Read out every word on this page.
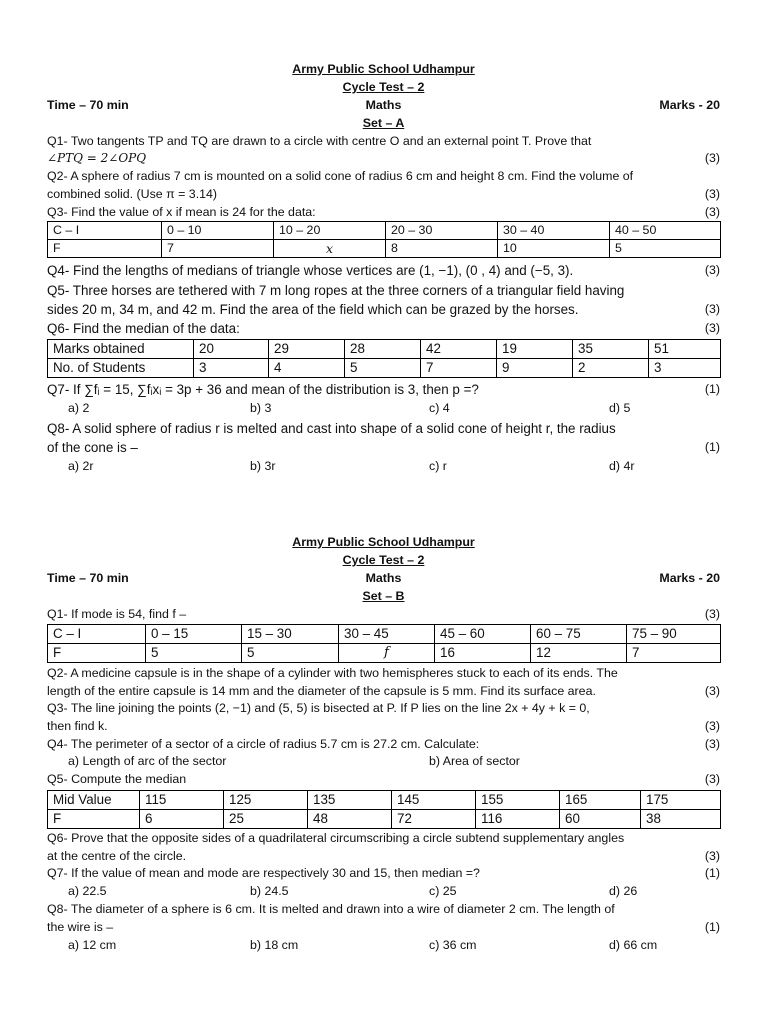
Army Public School Udhampur
Cycle Test – 2
Time – 70 min	Maths	Marks - 20
Set – A
Q1- Two tangents TP and TQ are drawn to a circle with centre O and an external point T. Prove that
∠PTQ = 2∠OPQ	(3)
Q2- A sphere of radius 7 cm is mounted on a solid cone of radius 6 cm and height 8 cm. Find the volume of
combined solid. (Use π = 3.14)	(3)
Q3- Find the value of x if mean is 24 for the data:	(3)
C – I	0 – 10	10 – 20	20 – 30	30 – 40	40 – 50
F	7	x	8	10	5
Q4- Find the lengths of medians of triangle whose vertices are (1, −1), (0 , 4) and (−5, 3).	(3)
Q5- Three horses are tethered with 7 m long ropes at the three corners of a triangular field having
sides 20 m, 34 m, and 42 m. Find the area of the field which can be grazed by the horses.	(3)
Q6- Find the median of the data:	(3)
Marks obtained	20	29	28	42	19	35	51
No. of Students	3	4	5	7	9	2	3
Q7- If ∑fᵢ = 15, ∑fᵢxᵢ = 3p + 36 and mean of the distribution is 3, then p =?	(1)
a) 2	b) 3	c) 4	d) 5
Q8- A solid sphere of radius r is melted and cast into shape of a solid cone of height r, the radius
of the cone is –	(1)
a) 2r	b) 3r	c) r	d) 4r
Army Public School Udhampur
Cycle Test – 2
Time – 70 min	Maths	Marks - 20
Set – B
Q1- If mode is 54, find f –	(3)
C – I	0 – 15	15 – 30	30 – 45	45 – 60	60 – 75	75 – 90
F	5	5	f	16	12	7
Q2- A medicine capsule is in the shape of a cylinder with two hemispheres stuck to each of its ends. The
length of the entire capsule is 14 mm and the diameter of the capsule is 5 mm. Find its surface area.	(3)
Q3- The line joining the points (2, −1) and (5, 5) is bisected at P. If P lies on the line 2x + 4y + k = 0,
then find k.	(3)
Q4- The perimeter of a sector of a circle of radius 5.7 cm is 27.2 cm. Calculate:	(3)
a) Length of arc of the sector	b) Area of sector
Q5- Compute the median	(3)
Mid Value	115	125	135	145	155	165	175
F	6	25	48	72	116	60	38
Q6- Prove that the opposite sides of a quadrilateral circumscribing a circle subtend supplementary angles
at the centre of the circle.	(3)
Q7- If the value of mean and mode are respectively 30 and 15, then median =?	(1)
a) 22.5	b) 24.5	c) 25	d) 26
Q8- The diameter of a sphere is 6 cm. It is melted and drawn into a wire of diameter 2 cm. The length of
the wire is –	(1)
a) 12 cm	b) 18 cm	c) 36 cm	d) 66 cm
